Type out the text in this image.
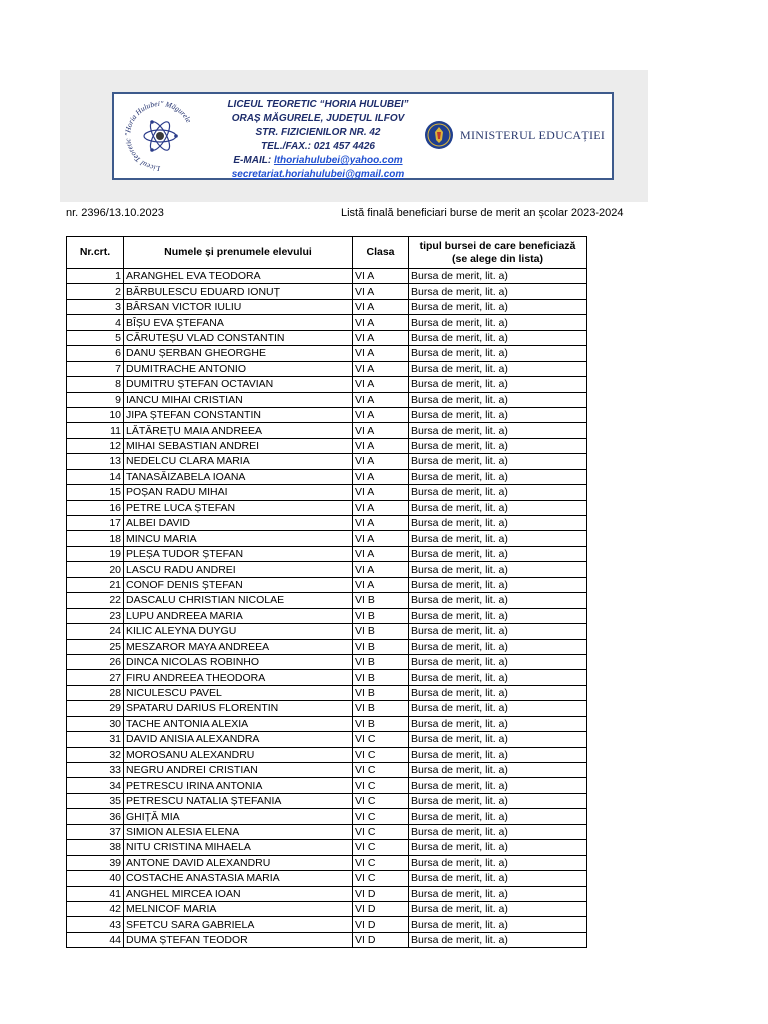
Liceul Teoretic "Horia Hulubei" Măgurele
LICEUL TEORETIC “HORIA HULUBEI”
ORAȘ MĂGURELE, JUDEȚUL ILFOV
STR. FIZICIENILOR NR. 42
TEL./FAX.: 021 457 4426
E-MAIL: lthoriahulubei@yahoo.com
secretariat.horiahulubei@gmail.com
MINISTERUL EDUCAȚIEI
nr. 2396/13.10.2023	Listă finală beneficiari burse de merit an școlar 2023-2024
Nr.crt.	Numele și prenumele elevului	Clasa	tipul bursei de care beneficiază
(se alege din lista)

1	ARANGHEL EVA TEODORA	VI A	Bursa de merit, lit. a)
2	BĂRBULESCU EDUARD IONUȚ	VI A	Bursa de merit, lit. a)
3	BÂRSAN VICTOR IULIU	VI A	Bursa de merit, lit. a)
4	BÎȘU EVA ȘTEFANA	VI A	Bursa de merit, lit. a)
5	CĂRUTEȘU VLAD CONSTANTIN	VI A	Bursa de merit, lit. a)
6	DANU ȘERBAN GHEORGHE	VI A	Bursa de merit, lit. a)
7	DUMITRACHE ANTONIO	VI A	Bursa de merit, lit. a)
8	DUMITRU ȘTEFAN OCTAVIAN	VI A	Bursa de merit, lit. a)
9	IANCU MIHAI CRISTIAN	VI A	Bursa de merit, lit. a)
10	JIPA ȘTEFAN CONSTANTIN	VI A	Bursa de merit, lit. a)
11	LĂTĂREȚU MAIA ANDREEA	VI A	Bursa de merit, lit. a)
12	MIHAI SEBASTIAN ANDREI	VI A	Bursa de merit, lit. a)
13	NEDELCU CLARA MARIA	VI A	Bursa de merit, lit. a)
14	TANASĂIZABELA IOANA	VI A	Bursa de merit, lit. a)
15	POȘAN RADU MIHAI	VI A	Bursa de merit, lit. a)
16	PETRE LUCA ȘTEFAN	VI A	Bursa de merit, lit. a)
17	ALBEI DAVID	VI A	Bursa de merit, lit. a)
18	MINCU MARIA	VI A	Bursa de merit, lit. a)
19	PLEȘA TUDOR ȘTEFAN	VI A	Bursa de merit, lit. a)
20	LASCU RADU ANDREI	VI A	Bursa de merit, lit. a)
21	CONOF DENIS ȘTEFAN	VI A	Bursa de merit, lit. a)
22	DASCALU CHRISTIAN NICOLAE	VI B	Bursa de merit, lit. a)
23	LUPU ANDREEA MARIA	VI B	Bursa de merit, lit. a)
24	KILIC ALEYNA DUYGU	VI B	Bursa de merit, lit. a)
25	MESZAROR MAYA ANDREEA	VI B	Bursa de merit, lit. a)
26	DINCA NICOLAS ROBINHO	VI B	Bursa de merit, lit. a)
27	FIRU ANDREEA THEODORA	VI B	Bursa de merit, lit. a)
28	NICULESCU PAVEL	VI B	Bursa de merit, lit. a)
29	SPATARU DARIUS FLORENTIN	VI B	Bursa de merit, lit. a)
30	TACHE ANTONIA ALEXIA	VI B	Bursa de merit, lit. a)
31	DAVID ANISIA ALEXANDRA	VI C	Bursa de merit, lit. a)
32	MOROSANU ALEXANDRU	VI C	Bursa de merit, lit. a)
33	NEGRU ANDREI CRISTIAN	VI C	Bursa de merit, lit. a)
34	PETRESCU IRINA ANTONIA	VI C	Bursa de merit, lit. a)
35	PETRESCU NATALIA ȘTEFANIA	VI C	Bursa de merit, lit. a)
36	GHIȚĂ MIA	VI C	Bursa de merit, lit. a)
37	SIMION ALESIA ELENA	VI C	Bursa de merit, lit. a)
38	NITU CRISTINA MIHAELA	VI C	Bursa de merit, lit. a)
39	ANTONE DAVID ALEXANDRU	VI C	Bursa de merit, lit. a)
40	COSTACHE ANASTASIA MARIA	VI C	Bursa de merit, lit. a)
41	ANGHEL MIRCEA IOAN	VI D	Bursa de merit, lit. a)
42	MELNICOF MARIA	VI D	Bursa de merit, lit. a)
43	SFETCU SARA GABRIELA	VI D	Bursa de merit, lit. a)
44	DUMA ȘTEFAN TEODOR	VI D	Bursa de merit, lit. a)
